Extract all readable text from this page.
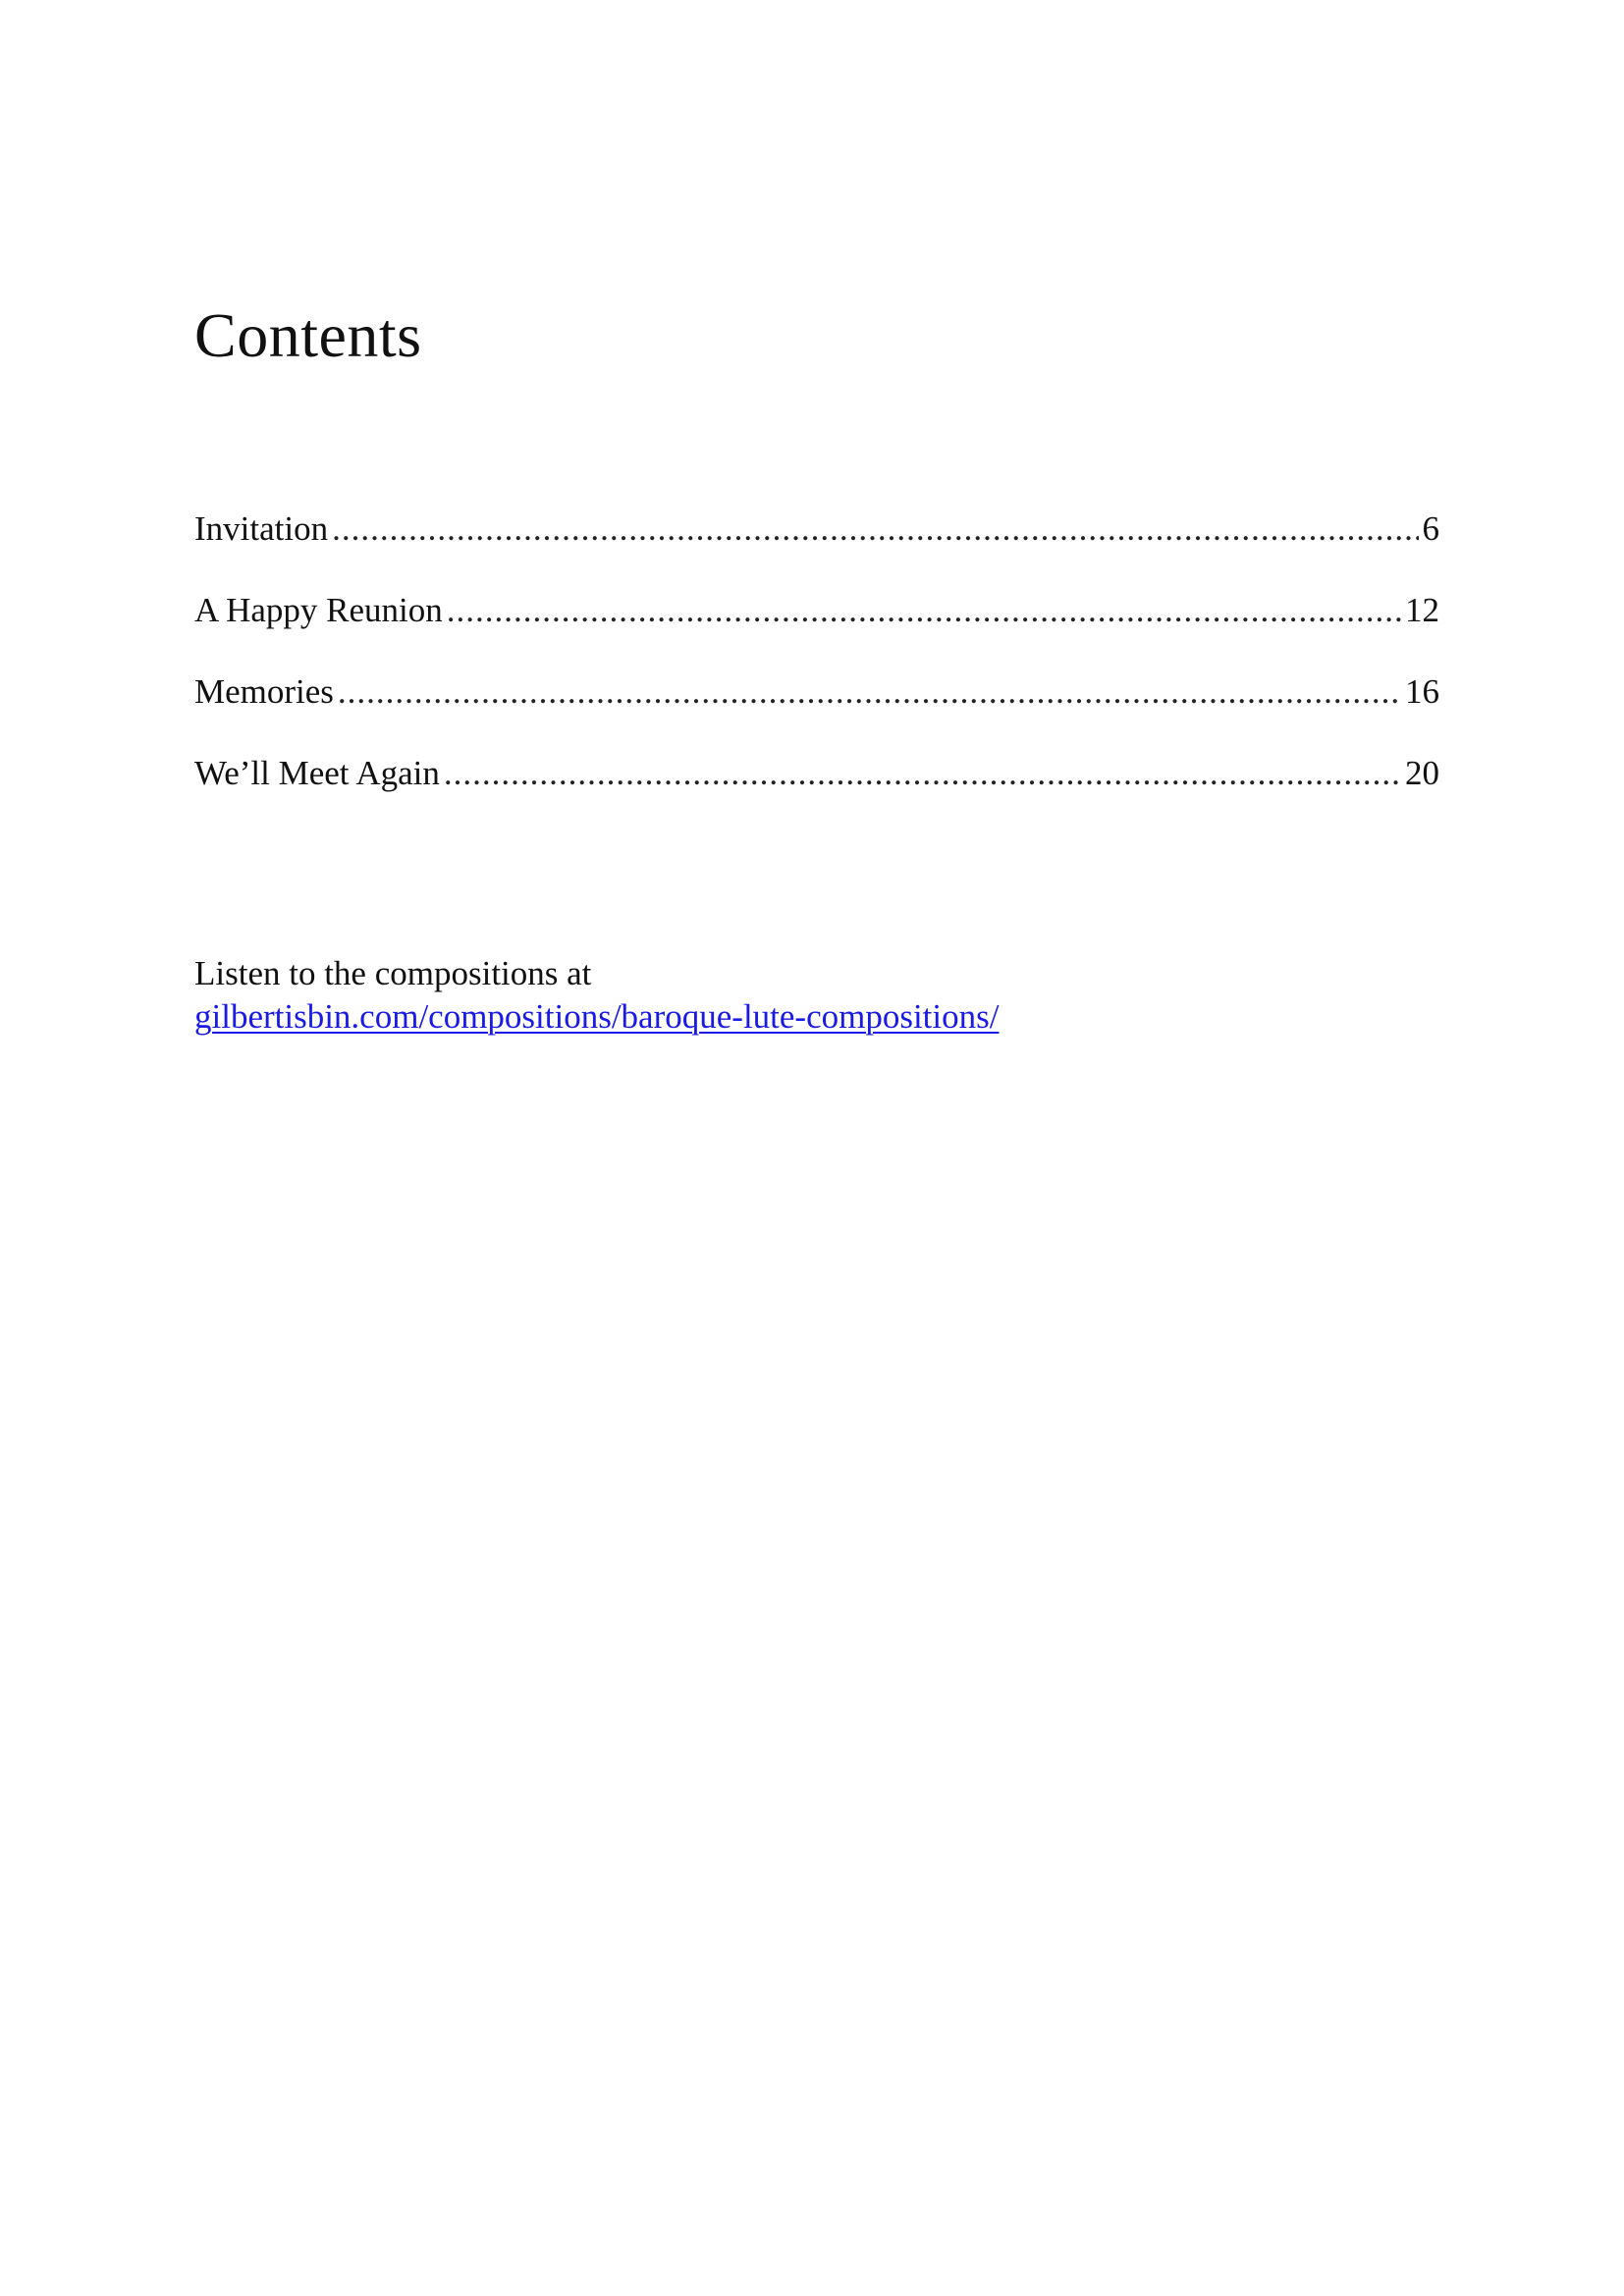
Contents
Invitation .....	6
A Happy Reunion .....	12
Memories .....	16
We’ll Meet Again .....	20
Listen to the compositions at
gilbertisbin.com/compositions/baroque-lute-compositions/
